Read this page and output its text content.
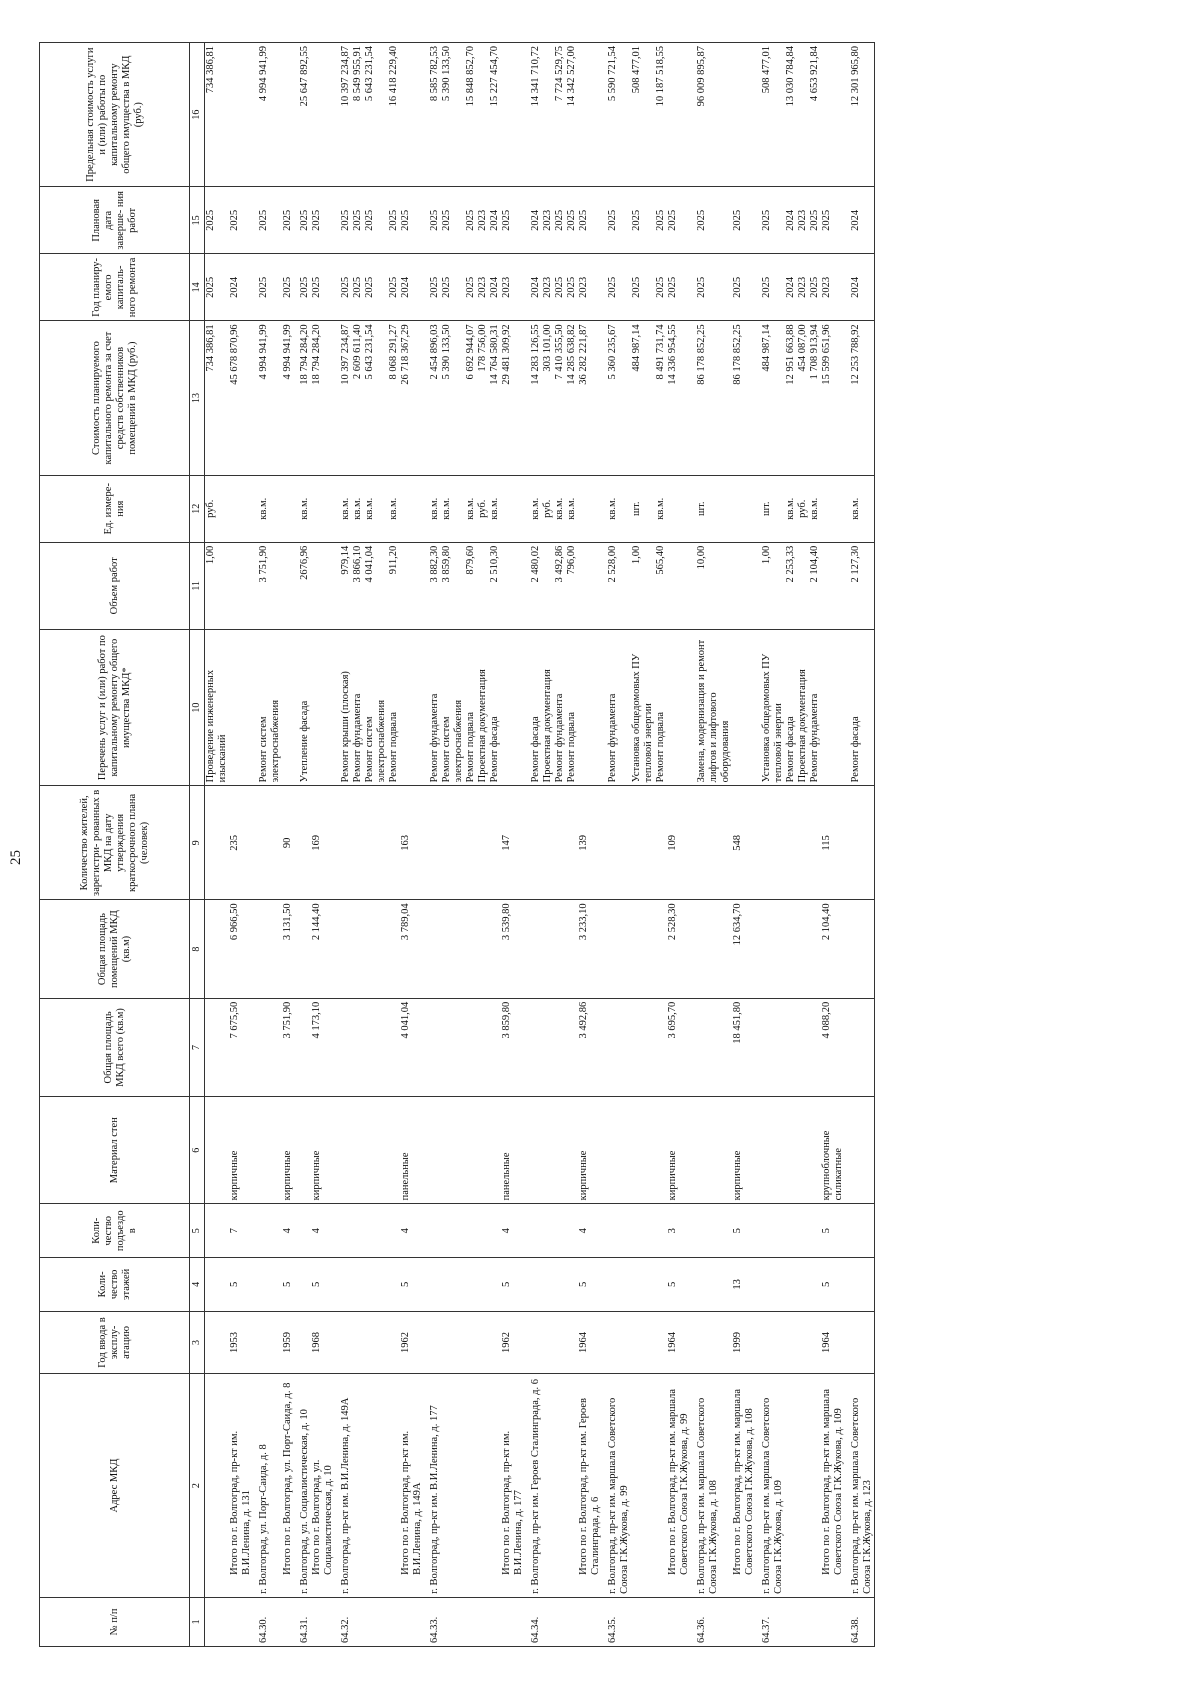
25
№ п/п	Адрес МКД	Год ввода в эксплу- атацию	Коли- чество этажей	Коли- чество подъездо в	Материал стен	Общая площадь МКД всего (кв.м)	Общая площадь помещений МКД (кв.м)	Количество жителей, зарегистри- рованных в МКД на дату утверждения краткосрочного плана (человек)	Перечень услуг и (или) работ по капитальному ремонту общего имущества МКД*	Объем работ	Ед. измере- ния	Стоимость планируемого капитального ремонта за счет средств собственников помещений в МКД (руб.)	Год планиру- емого капиталь- ного ремонта	Плановая дата заверше- ния работ	Предельная стоимость услуги и (или) работы по капитальному ремонту общего имущества в МКД (руб.)
1	2	3	4	5	6	7	8	9	10	11	12	13	14	15	16
									Проведение инженерных изысканий	1,00	руб.	734 386,81	2025	2025	734 386,81
	Итого по г. Волгоград, пр-кт им. В.И.Ленина, д. 131	1953	5	7	кирпичные	7 675,50	6 966,50	235				45 678 870,96	2024	2025	

64.30.	г. Волгоград, ул. Порт-Саида, д. 8								Ремонт систем электроснабжения	3 751,90	кв.м.	4 994 941,99	2025	2025	4 994 941,99
	Итого по г. Волгоград, ул. Порт-Саида, д. 8	1959	5	4	кирпичные	3 751,90	3 131,50	90				4 994 941,99	2025	2025	

64.31.	г. Волгоград, ул. Социалистическая, д. 10								Утепление фасада	2676,96	кв.м.	18 794 284,20	2025	2025	25 647 892,55
	Итого по г. Волгоград, ул. Социалистическая, д. 10	1968	5	4	кирпичные	4 173,10	2 144,40	169				18 794 284,20	2025	2025	

64.32.	г. Волгоград, пр-кт им. В.И.Ленина, д. 149А								Ремонт крыши (плоская)	979,14	кв.м.	10 397 234,87	2025	2025	10 397 234,87
									Ремонт фундамента	3 866,10	кв.м.	2 609 611,40	2025	2025	8 549 955,91
									Ремонт систем электроснабжения	4 041,04	кв.м.	5 643 231,54	2025	2025	5 643 231,54
									Ремонт подвала	911,20	кв.м.	8 068 291,27	2025	2025	16 418 229,40
	Итого по г. Волгоград, пр-кт им. В.И.Ленина, д. 149А	1962	5	4	панельные	4 041,04	3 789,04	163				26 718 367,29	2024	2025	

64.33.	г. Волгоград, пр-кт им. В.И.Ленина, д. 177								Ремонт фундамента	3 882,30	кв.м.	2 454 896,03	2025	2025	8 585 782,53
									Ремонт систем электроснабжения	3 859,80	кв.м.	5 390 133,50	2025	2025	5 390 133,50
									Ремонт подвала	879,60	кв.м.	6 692 944,07	2025	2025	15 848 852,70
									Проектная документация		руб.	178 756,00	2023	2023	
									Ремонт фасада	2 510,30	кв.м.	14 764 580,31	2024	2024	15 227 454,70
	Итого по г. Волгоград, пр-кт им. В.И.Ленина, д. 177	1962	5	4	панельные	3 859,80	3 539,80	147				29 481 309,92	2023	2025	

64.34.	г. Волгоград, пр-кт им. Героев Сталинграда, д. 6								Ремонт фасада	2 480,02	кв.м.	14 283 126,55	2024	2024	14 341 710,72
									Проектная документация		руб.	303 101,00	2023	2023	
									Ремонт фундамента	3 492,86	кв.м.	7 410 355,50	2025	2025	7 724 529,75
									Ремонт подвала	796,00	кв.м.	14 285 638,82	2025	2025	14 342 527,00
	Итого по г. Волгоград, пр-кт им. Героев Сталинграда, д. 6	1964	5	4	кирпичные	3 492,86	3 233,10	139				36 282 221,87	2023	2025	

64.35.	г. Волгоград, пр-кт им. маршала Советского Союза Г.К.Жукова, д. 99								Ремонт фундамента	2 528,00	кв.м.	5 360 235,67	2025	2025	5 590 721,54
									Установка общедомовых ПУ тепловой энергии	1,00	шт.	484 987,14	2025	2025	508 477,01
									Ремонт подвала	565,40	кв.м.	8 491 731,74	2025	2025	10 187 518,55
	Итого по г. Волгоград, пр-кт им. маршала Советского Союза Г.К.Жукова, д. 99	1964	5	3	кирпичные	3 695,70	2 528,30	109				14 336 954,55	2025	2025	

64.36.	г. Волгоград, пр-кт им. маршала Советского Союза Г.К.Жукова, д. 108								Замена, модернизация и ремонт лифтов и лифтового оборудования	10,00	шт.	86 178 852,25	2025	2025	96 009 895,87
	Итого по г. Волгоград, пр-кт им. маршала Советского Союза Г.К.Жукова, д. 108	1999	13	5	кирпичные	18 451,80	12 634,70	548				86 178 852,25	2025	2025	

64.37.	г. Волгоград, пр-кт им. маршала Советского Союза Г.К.Жукова, д. 109								Установка общедомовых ПУ тепловой энергии	1,00	шт.	484 987,14	2025	2025	508 477,01
									Ремонт фасада	2 253,33	кв.м.	12 951 663,88	2024	2024	13 030 784,84
									Проектная документация		руб.	454 087,00	2023	2023	
									Ремонт фундамента	2 104,40	кв.м.	1 708 913,94	2025	2025	4 653 921,84
	Итого по г. Волгоград, пр-кт им. маршала Советского Союза Г.К.Жукова, д. 109	1964	5	5	крупноблочные силикатные	4 088,20	2 104,40	115				15 599 651,96	2023	2025	

64.38.	г. Волгоград, пр-кт им. маршала Советского Союза Г.К.Жукова, д. 123								Ремонт фасада	2 127,30	кв.м.	12 253 788,92	2024	2024	12 301 965,80
